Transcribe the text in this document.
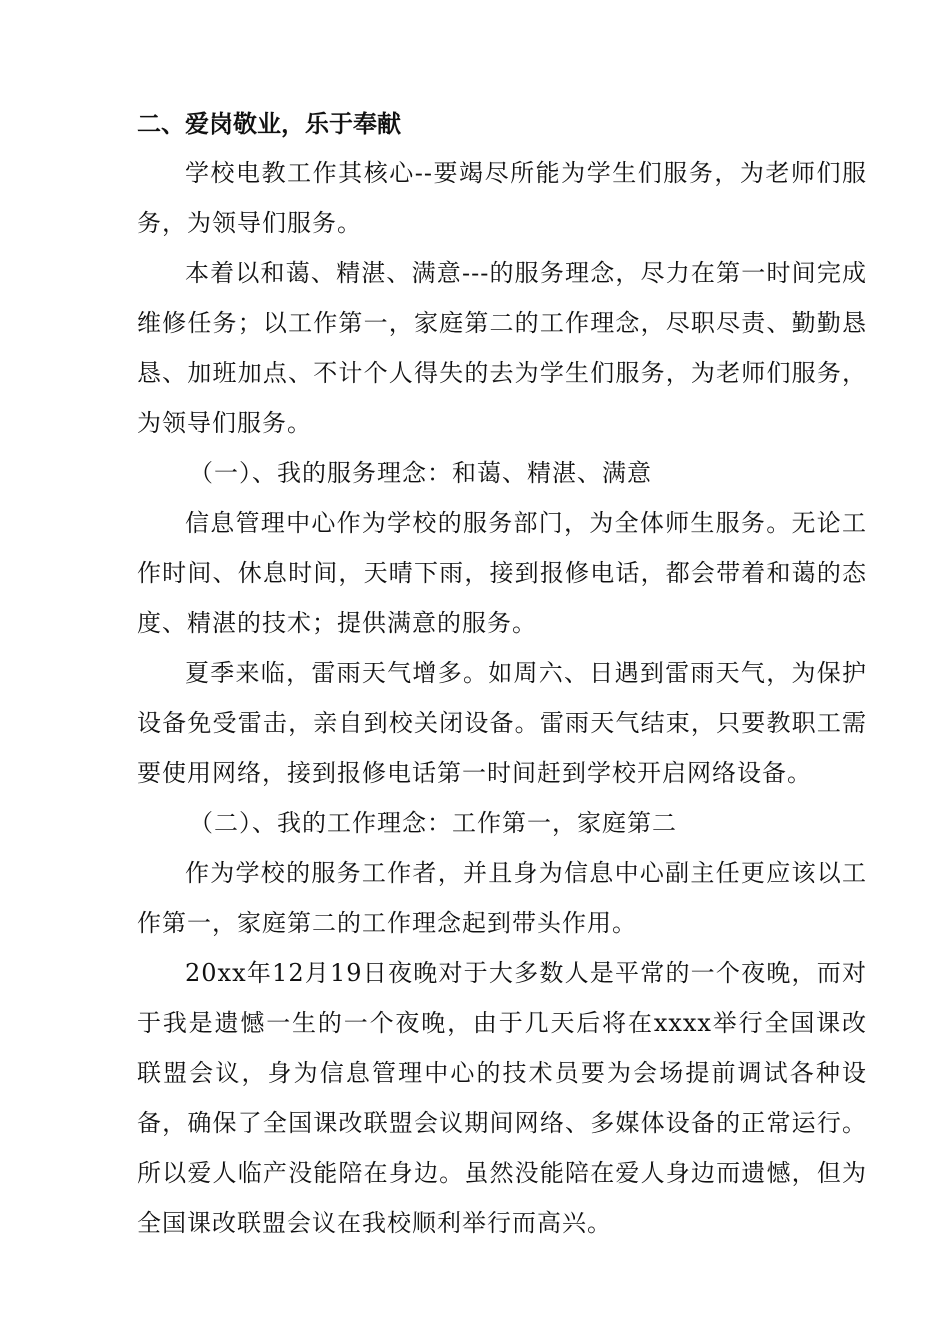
二、爱岗敬业，乐于奉献

学校电教工作其核心--要竭尽所能为学生们服务，为老师们服务，为领导们服务。

本着以和蔼、精湛、满意---的服务理念，尽力在第一时间完成维修任务；以工作第一，家庭第二的工作理念，尽职尽责、勤勤恳恳、加班加点、不计个人得失的去为学生们服务，为老师们服务，为领导们服务。

（一）、我的服务理念：和蔼、精湛、满意

信息管理中心作为学校的服务部门，为全体师生服务。无论工作时间、休息时间，天晴下雨，接到报修电话，都会带着和蔼的态度、精湛的技术；提供满意的服务。

夏季来临，雷雨天气增多。如周六、日遇到雷雨天气，为保护设备免受雷击，亲自到校关闭设备。雷雨天气结束，只要教职工需要使用网络，接到报修电话第一时间赶到学校开启网络设备。

（二）、我的工作理念：工作第一，家庭第二

作为学校的服务工作者，并且身为信息中心副主任更应该以工作第一，家庭第二的工作理念起到带头作用。

20xx年12月19日夜晚对于大多数人是平常的一个夜晚，而对于我是遗憾一生的一个夜晚，由于几天后将在xxxx举行全国课改联盟会议，身为信息管理中心的技术员要为会场提前调试各种设备，确保了全国课改联盟会议期间网络、多媒体设备的正常运行。所以爱人临产没能陪在身边。虽然没能陪在爱人身边而遗憾，但为全国课改联盟会议在我校顺利举行而高兴。
